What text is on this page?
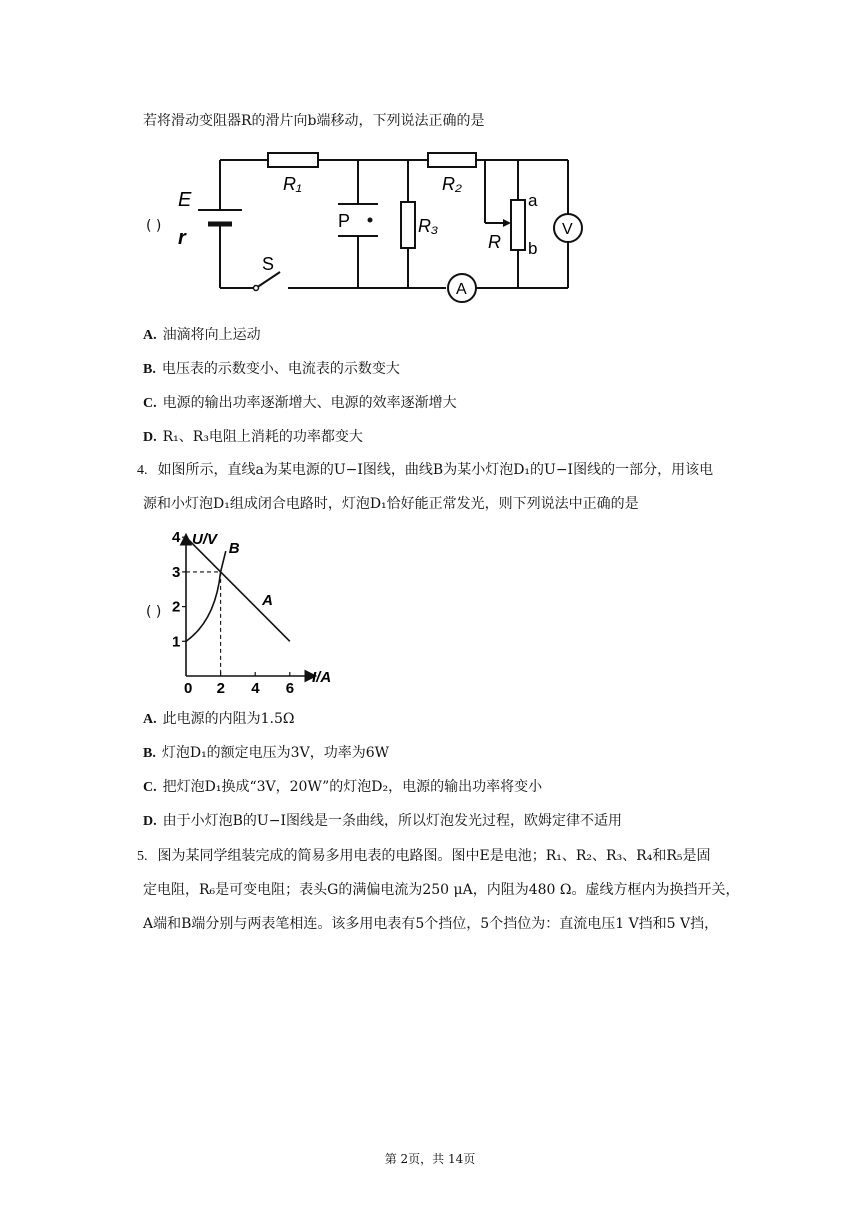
若将滑动变阻器R的滑片向b端移动，下列说法正确的是
E
r
R₁	R₂
R₃
R
a
b
P
S
V
A
( )
A. 油滴将向上运动
B. 电压表的示数变小、电流表的示数变大
C. 电源的输出功率逐渐增大、电源的效率逐渐增大
D. R₁、R₃电阻上消耗的功率都变大
4. 如图所示，直线a为某电源的U−I图线，曲线B为某小灯泡D₁的U−I图线的一部分，用该电
源和小灯泡D₁组成闭合电路时，灯泡D₁恰好能正常发光，则下列说法中正确的是
U/V
I/A
1
2
3
4
0 2 4 6
A
B
( )
A. 此电源的内阻为1.5Ω
B. 灯泡D₁的额定电压为3V，功率为6W
C. 把灯泡D₁换成“3V，20W”的灯泡D₂，电源的输出功率将变小
D. 由于小灯泡B的U−I图线是一条曲线，所以灯泡发光过程，欧姆定律不适用
5. 图为某同学组装完成的简易多用电表的电路图。图中E是电池；R₁、R₂、R₃、R₄和R₅是固
定电阻，R₆是可变电阻；表头G的满偏电流为250 μA，内阻为480 Ω。虚线方框内为换挡开关，
A端和B端分别与两表笔相连。该多用电表有5个挡位，5个挡位为：直流电压1 V挡和5 V挡，
第 2页，共 14页
